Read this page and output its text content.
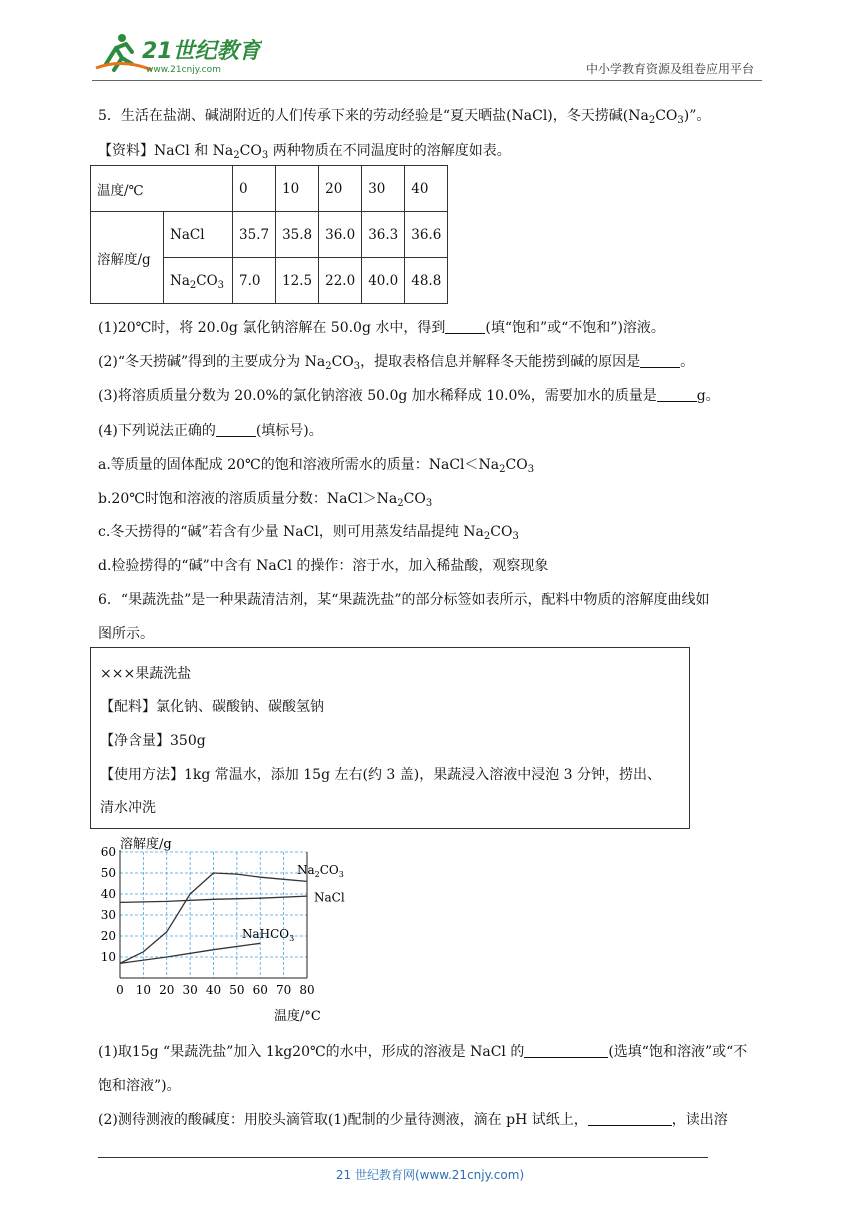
21世纪教育
www.21cnjy.com	中小学教育资源及组卷应用平台
5．生活在盐湖、碱湖附近的人们传承下来的劳动经验是“夏天晒盐(NaCl)，冬天捞碱$(Na_2CO_3)$”。
【资料】NaCl 和 $Na_2CO_3$ 两种物质在不同温度时的溶解度如表。
温度/℃		0	10	20	30	40
溶解度/g	NaCl	35.7	35.8	36.0	36.3	36.6
	$Na_2CO_3$	7.0	12.5	22.0	40.0	48.8
(1)20℃时，将 20.0g 氯化钠溶解在 50.0g 水中，得到	(填“饱和”或“不饱和”)溶液。
(2)“冬天捞碱”得到的主要成分为 $Na_2CO_3$，提取表格信息并解释冬天能捞到碱的原因是	。
(3)将溶质质量分数为 20.0%的氯化钠溶液 50.0g 加水稀释成 10.0%，需要加水的质量是	g。
(4)下列说法正确的	(填标号)。
a.等质量的固体配成 20℃的饱和溶液所需水的质量：$NaCl<Na_2CO_3$
b.20℃时饱和溶液的溶质质量分数：$NaCl>Na_2CO_3$
c.冬天捞得的“碱”若含有少量 NaCl，则可用蒸发结晶提纯 $Na_2CO_3$
d.检验捞得的“碱”中含有 NaCl 的操作：溶于水，加入稀盐酸，观察现象
6．“果蔬洗盐”是一种果蔬清洁剂，某“果蔬洗盐”的部分标签如表所示，配料中物质的溶解度曲线如
图所示。
×××果蔬洗盐
【配料】氯化钠、碳酸钠、碳酸氢钠
【净含量】350g
【使用方法】1kg 常温水，添加 15g 左右(约 3 盖)，果蔬浸入溶液中浸泡 3 分钟，捞出、
清水冲洗
0 10 20 30 40 50 60 70 80
10
20
30
40
50
60 溶解度/g
温度/°C
$Na_2CO_3$
NaCl
NaHCO$_3$
(1)取15g “果蔬洗盐”加入 1kg20℃的水中，形成的溶液是 NaCl 的	(选填“饱和溶液”或“不
饱和溶液”)。
(2)测待测液的酸碱度：用胶头滴管取(1)配制的少量待测液，滴在 pH 试纸上，	，读出溶
21 世纪教育网(www.21cnjy.com)
